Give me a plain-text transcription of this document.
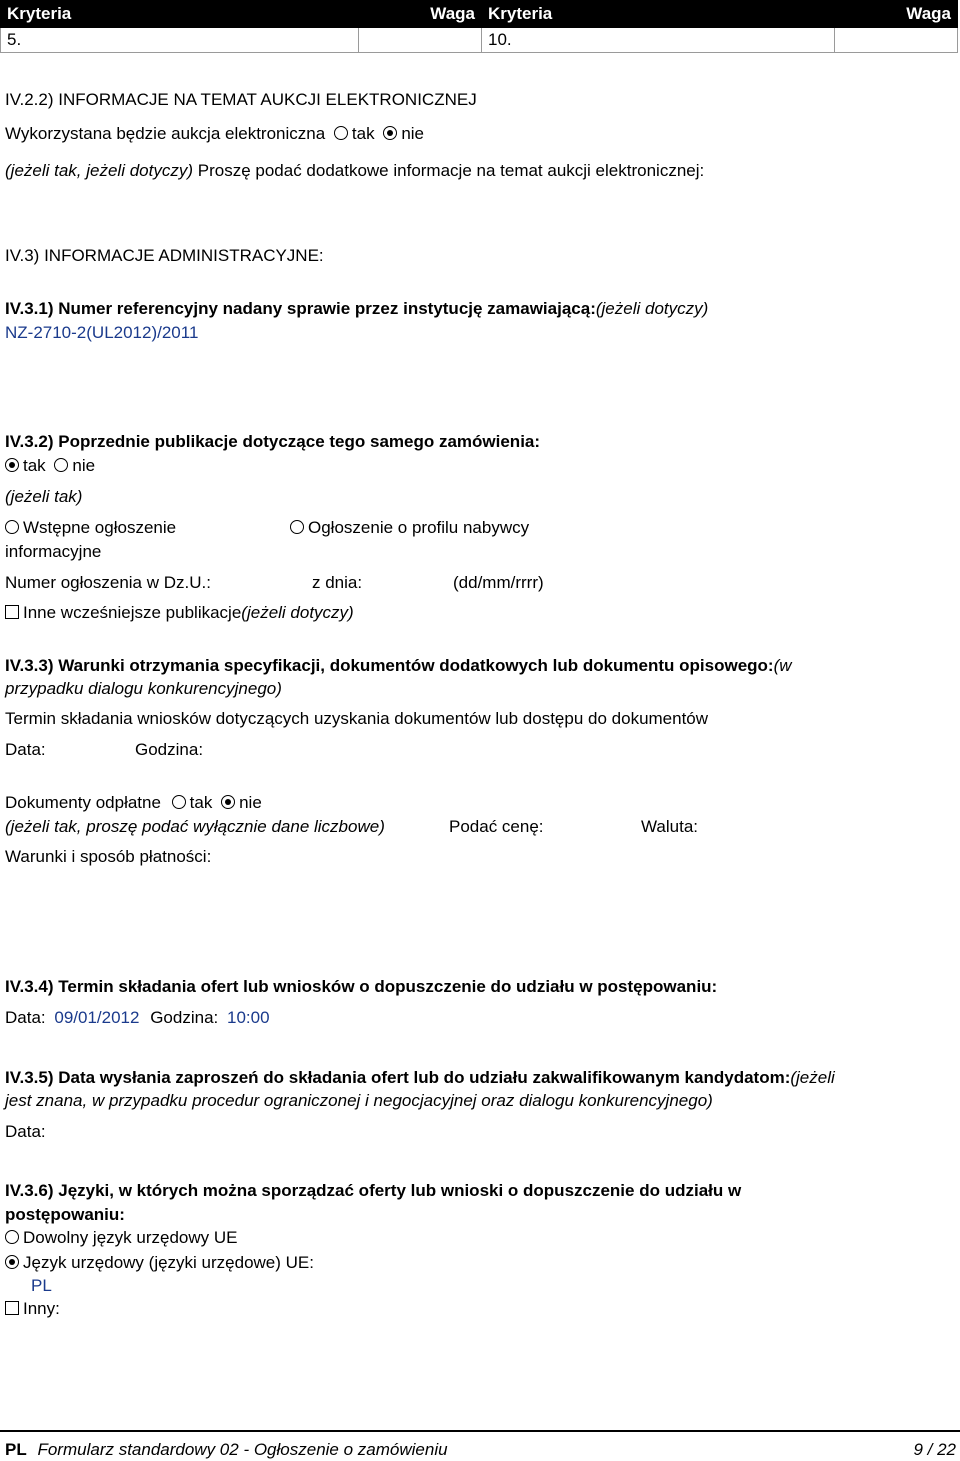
Kryteria	Waga	Kryteria	Waga
5.		10.	
IV.2.2) INFORMACJE NA TEMAT AUKCJI ELEKTRONICZNEJ
Wykorzystana będzie aukcja elektroniczna tak nie
(jeżeli tak, jeżeli dotyczy) Proszę podać dodatkowe informacje na temat aukcji elektronicznej:
IV.3) INFORMACJE ADMINISTRACYJNE:
IV.3.1) Numer referencyjny nadany sprawie przez instytucję zamawiającą:(jeżeli dotyczy)
NZ-2710-2(UL2012)/2011
IV.3.2) Poprzednie publikacje dotyczące tego samego zamówienia:
tak nie
(jeżeli tak)
Wstępne ogłoszenie
informacyjne
Ogłoszenie o profilu nabywcy
Numer ogłoszenia w Dz.U.:	z dnia:	(dd/mm/rrrr)
Inne wcześniejsze publikacje(jeżeli dotyczy)
IV.3.3) Warunki otrzymania specyfikacji, dokumentów dodatkowych lub dokumentu opisowego:(w
przypadku dialogu konkurencyjnego)
Termin składania wniosków dotyczących uzyskania dokumentów lub dostępu do dokumentów
Data:	Godzina:
Dokumenty odpłatne tak nie
(jeżeli tak, proszę podać wyłącznie dane liczbowe)	Podać cenę:	Waluta:
Warunki i sposób płatności:
IV.3.4) Termin składania ofert lub wniosków o dopuszczenie do udziału w postępowaniu:
Data: 09/01/2012 Godzina: 10:00
IV.3.5) Data wysłania zaproszeń do składania ofert lub do udziału zakwalifikowanym kandydatom:(jeżeli
jest znana, w przypadku procedur ograniczonej i negocjacyjnej oraz dialogu konkurencyjnego)
Data:
IV.3.6) Języki, w których można sporządzać oferty lub wnioski o dopuszczenie do udziału w
postępowaniu:
Dowolny język urzędowy UE
Język urzędowy (języki urzędowe) UE:
PL
Inny:
PL Formularz standardowy 02 - Ogłoszenie o zamówieniu	9 / 22
